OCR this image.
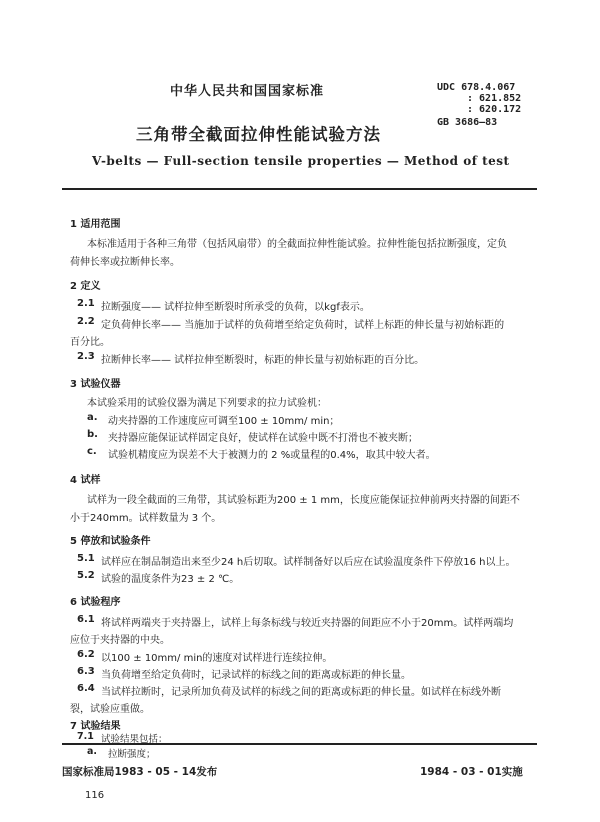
中华人民共和国国家标准	UDC 678.4.067
: 621.852
: 620.172
GB 3686—83
三角带全截面拉伸性能试验方法
V-belts — Full-section tensile properties — Method of test
1 适用范围
本标准适用于各种三角带（包括风扇带）的全截面拉伸性能试验。拉伸性能包括拉断强度，定负
荷伸长率或拉断伸长率。
2 定义
2.1 拉断强度—— 试样拉伸至断裂时所承受的负荷，以kgf表示。
2.2 定负荷伸长率—— 当施加于试样的负荷增至给定负荷时，试样上标距的伸长量与初始标距的
百分比。
2.3 拉断伸长率—— 试样拉伸至断裂时，标距的伸长量与初始标距的百分比。
3 试验仪器
本试验采用的试验仪器为满足下列要求的拉力试验机：
a. 动夹持器的工作速度应可调至100 ± 10mm/ min；
b. 夹持器应能保证试样固定良好，使试样在试验中既不打滑也不被夹断；
c. 试验机精度应为误差不大于被测力的 2 %或量程的0.4%，取其中较大者。
4 试样
试样为一段全截面的三角带，其试验标距为200 ± 1 mm，长度应能保证拉伸前两夹持器的间距不
小于240mm。试样数量为 3 个。
5 停放和试验条件
5.1 试样应在制品制造出来至少24 h后切取。试样制备好以后应在试验温度条件下停放16 h以上。
5.2 试验的温度条件为23 ± 2 ℃。
6 试验程序
6.1 将试样两端夹于夹持器上，试样上每条标线与较近夹持器的间距应不小于20mm。试样两端均
应位于夹持器的中央。
6.2 以100 ± 10mm/ min的速度对试样进行连续拉伸。
6.3 当负荷增至给定负荷时，记录试样的标线之间的距离或标距的伸长量。
6.4 当试样拉断时，记录所加负荷及试样的标线之间的距离或标距的伸长量。如试样在标线外断
裂，试验应重做。
7 试验结果
7.1 试验结果包括：
a.
国家标准局1983 - 05 - 14发布	1984 - 03 - 01实施
116
拉断强度；
